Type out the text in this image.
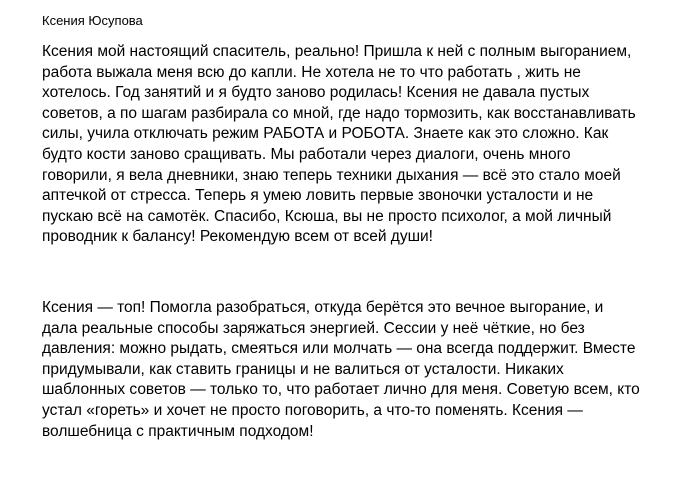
Ксения Юсупова
Ксения мой настоящий спаситель, реально! Пришла к ней с полным выгоранием,
работа выжала меня всю до капли. Не хотела не то что работать , жить не
хотелось. Год занятий и я будто заново родилась! Ксения не давала пустых
советов, а по шагам разбирала со мной, где надо тормозить, как восстанавливать
силы, учила отключать режим РАБОТА и РОБОТА. Знаете как это сложно. Как
будто кости заново сращивать. Мы работали через диалоги, очень много
говорили, я вела дневники, знаю теперь техники дыхания — всё это стало моей
аптечкой от стресса. Теперь я умею ловить первые звоночки усталости и не
пускаю всё на самотёк. Спасибо, Ксюша, вы не просто психолог, а мой личный
проводник к балансу! Рекомендую всем от всей души!
Ксения — топ! Помогла разобраться, откуда берётся это вечное выгорание, и
дала реальные способы заряжаться энергией. Сессии у неё чёткие, но без
давления: можно рыдать, смеяться или молчать — она всегда поддержит. Вместе
придумывали, как ставить границы и не валиться от усталости. Никаких
шаблонных советов — только то, что работает лично для меня. Советую всем, кто
устал «гореть» и хочет не просто поговорить, а что-то поменять. Ксения —
волшебница с практичным подходом!
